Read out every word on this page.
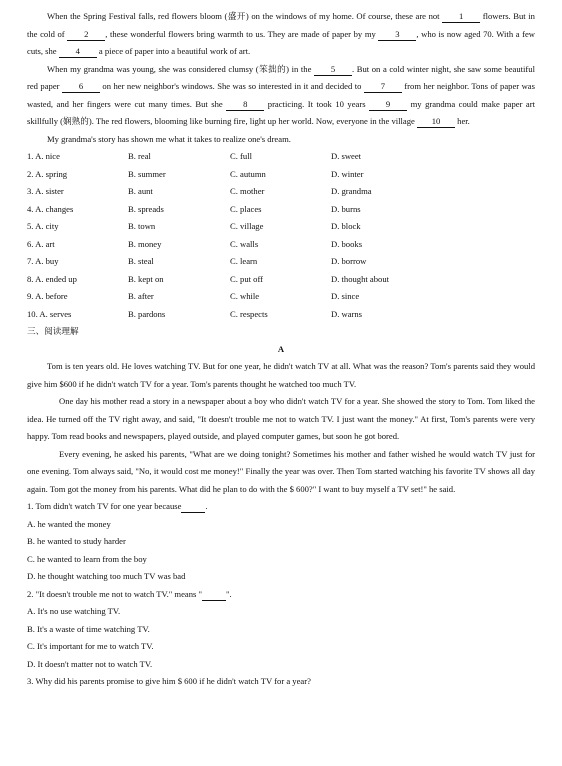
When the Spring Festival falls, red flowers bloom (盛开) on the windows of my home. Of course, these are not 1 flowers. But in the cold of 2 , these wonderful flowers bring warmth to us. They are made of paper by my 3 , who is now aged 70. With a few cuts, she 4 a piece of paper into a beautiful work of art.

When my grandma was young, she was considered clumsy (笨拙的) in the 5 . But on a cold winter night, she saw some beautiful red paper 6 on her new neighbor's windows. She was so interested in it and decided to 7 from her neighbor. Tons of paper was wasted, and her fingers were cut many times. But she 8 practicing. It took 10 years 9 my grandma could make paper art skillfully (娴熟的). The red flowers, blooming like burning fire, light up her world. Now, everyone in the village 10 her.

My grandma's story has shown me what it takes to realize one's dream.

1. A. nice	B. real	C. full	D. sweet
2. A. spring	B. summer	C. autumn	D. winter
3. A. sister	B. aunt	C. mother	D. grandma
4. A. changes	B. spreads	C. places	D. burns
5. A. city	B. town	C. village	D. block
6. A. art	B. money	C. walls	D. books
7. A. buy	B. steal	C. learn	D. borrow
8. A. ended up	B. kept on	C. put off	D. thought about
9. A. before	B. after	C. while	D. since
10. A. serves	B. pardons	C. respects	D. warns
三、阅读理解
A

Tom is ten years old. He loves watching TV. But for one year, he didn't watch TV at all. What was the reason? Tom's parents said they would give him $600 if he didn't watch TV for a year. Tom's parents thought he watched too much TV.

One day his mother read a story in a newspaper about a boy who didn't watch TV for a year. She showed the story to Tom. Tom liked the idea. He turned off the TV right away, and said, "It doesn't trouble me not to watch TV. I just want the money." At first, Tom's parents were very happy. Tom read books and newspapers, played outside, and played computer games, but soon he got bored.

Every evening, he asked his parents, "What are we doing tonight? Sometimes his mother and father wished he would watch TV just for one evening. Tom always said, "No, it would cost me money!" Finally the year was over. Then Tom started watching his favorite TV shows all day again. Tom got the money from his parents. What did he plan to do with the $ 600?" I want to buy myself a TV set!" he said.

1. Tom didn't watch TV for one year because	.
A. he wanted the money
B. he wanted to study harder
C. he wanted to learn from the boy
D. he thought watching too much TV was bad
2. "It doesn't trouble me not to watch TV." means "	".
A. It's no use watching TV.
B. It's a waste of time watching TV.
C. It's important for me to watch TV.
D. It doesn't matter not to watch TV.
3. Why did his parents promise to give him $ 600 if he didn't watch TV for a year?
